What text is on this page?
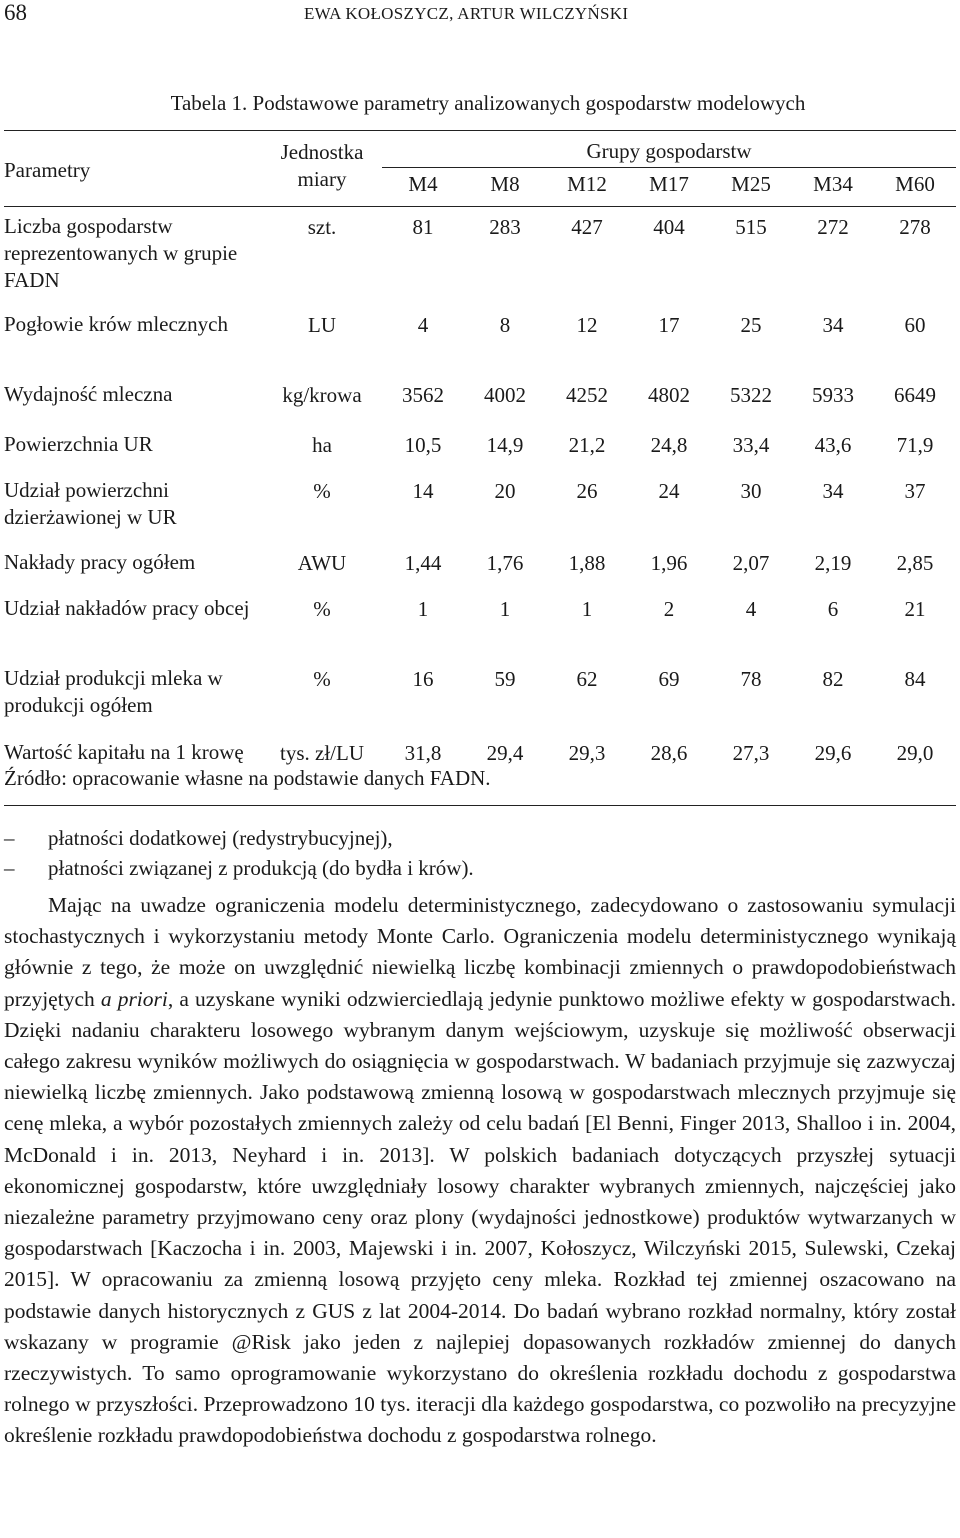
68	EWA KOŁOSZYCZ, ARTUR WILCZYŃSKI
Tabela 1. Podstawowe parametry analizowanych gospodarstw modelowych
Parametry	Jednostka miary	Grupy gospodarstw						
		M4	M8	M12	M17	M25	M34	M60
Liczba gospodarstw reprezentowanych w grupie FADN	szt.	81	283	427	404	515	272	278
Pogłowie krów mlecznych	LU	4	8	12	17	25	34	60
Wydajność mleczna	kg/krowa	3562	4002	4252	4802	5322	5933	6649
Powierzchnia UR	ha	10,5	14,9	21,2	24,8	33,4	43,6	71,9
Udział powierzchni dzierżawionej w UR	%	14	20	26	24	30	34	37
Nakłady pracy ogółem	AWU	1,44	1,76	1,88	1,96	2,07	2,19	2,85
Udział nakładów pracy obcej	%	1	1	1	2	4	6	21
Udział produkcji mleka w produkcji ogółem	%	16	59	62	69	78	82	84
Wartość kapitału na 1 krowę	tys. zł/LU	31,8	29,4	29,3	28,6	27,3	29,6	29,0
Źródło: opracowanie własne na podstawie danych FADN.
–	płatności dodatkowej (redystrybucyjnej),
–	płatności związanej z produkcją (do bydła i krów).

Mając na uwadze ograniczenia modelu deterministycznego, zadecydowano o zastosowaniu symulacji stochastycznych i wykorzystaniu metody Monte Carlo. Ograniczenia modelu deterministycznego wynikają głównie z tego, że może on uwzględnić niewielką liczbę kombinacji zmiennych o prawdopodobieństwach przyjętych a priori, a uzyskane wyniki odzwierciedlają jedynie punktowo możliwe efekty w gospodarstwach. Dzięki nadaniu charakteru losowego wybranym danym wejściowym, uzyskuje się możliwość obserwacji całego zakresu wyników możliwych do osiągnięcia w gospodarstwach. W badaniach przyjmuje się zazwyczaj niewielką liczbę zmiennych. Jako podstawową zmienną losową w gospodarstwach mlecznych przyjmuje się cenę mleka, a wybór pozostałych zmiennych zależy od celu badań [El Benni, Finger 2013, Shalloo i in. 2004, McDonald i in. 2013, Neyhard i in. 2013]. W polskich badaniach dotyczących przyszłej sytuacji ekonomicznej gospodarstw, które uwzględniały losowy charakter wybranych zmiennych, najczęściej jako niezależne parametry przyjmowano ceny oraz plony (wydajności jednostkowe) produktów wytwarzanych w gospodarstwach [Kaczocha i in. 2003, Majewski i in. 2007, Kołoszycz, Wilczyński 2015, Sulewski, Czekaj 2015]. W opracowaniu za zmienną losową przyjęto ceny mleka. Rozkład tej zmiennej oszacowano na podstawie danych historycznych z GUS z lat 2004-2014. Do badań wybrano rozkład normalny, który został wskazany w programie @Risk jako jeden z najlepiej dopasowanych rozkładów zmiennej do danych rzeczywistych. To samo oprogramowanie wykorzystano do określenia rozkładu dochodu z gospodarstwa rolnego w przyszłości. Przeprowadzono 10 tys. iteracji dla każdego gospodarstwa, co pozwoliło na precyzyjne określenie rozkładu prawdopodobieństwa dochodu z gospodarstwa rolnego.
